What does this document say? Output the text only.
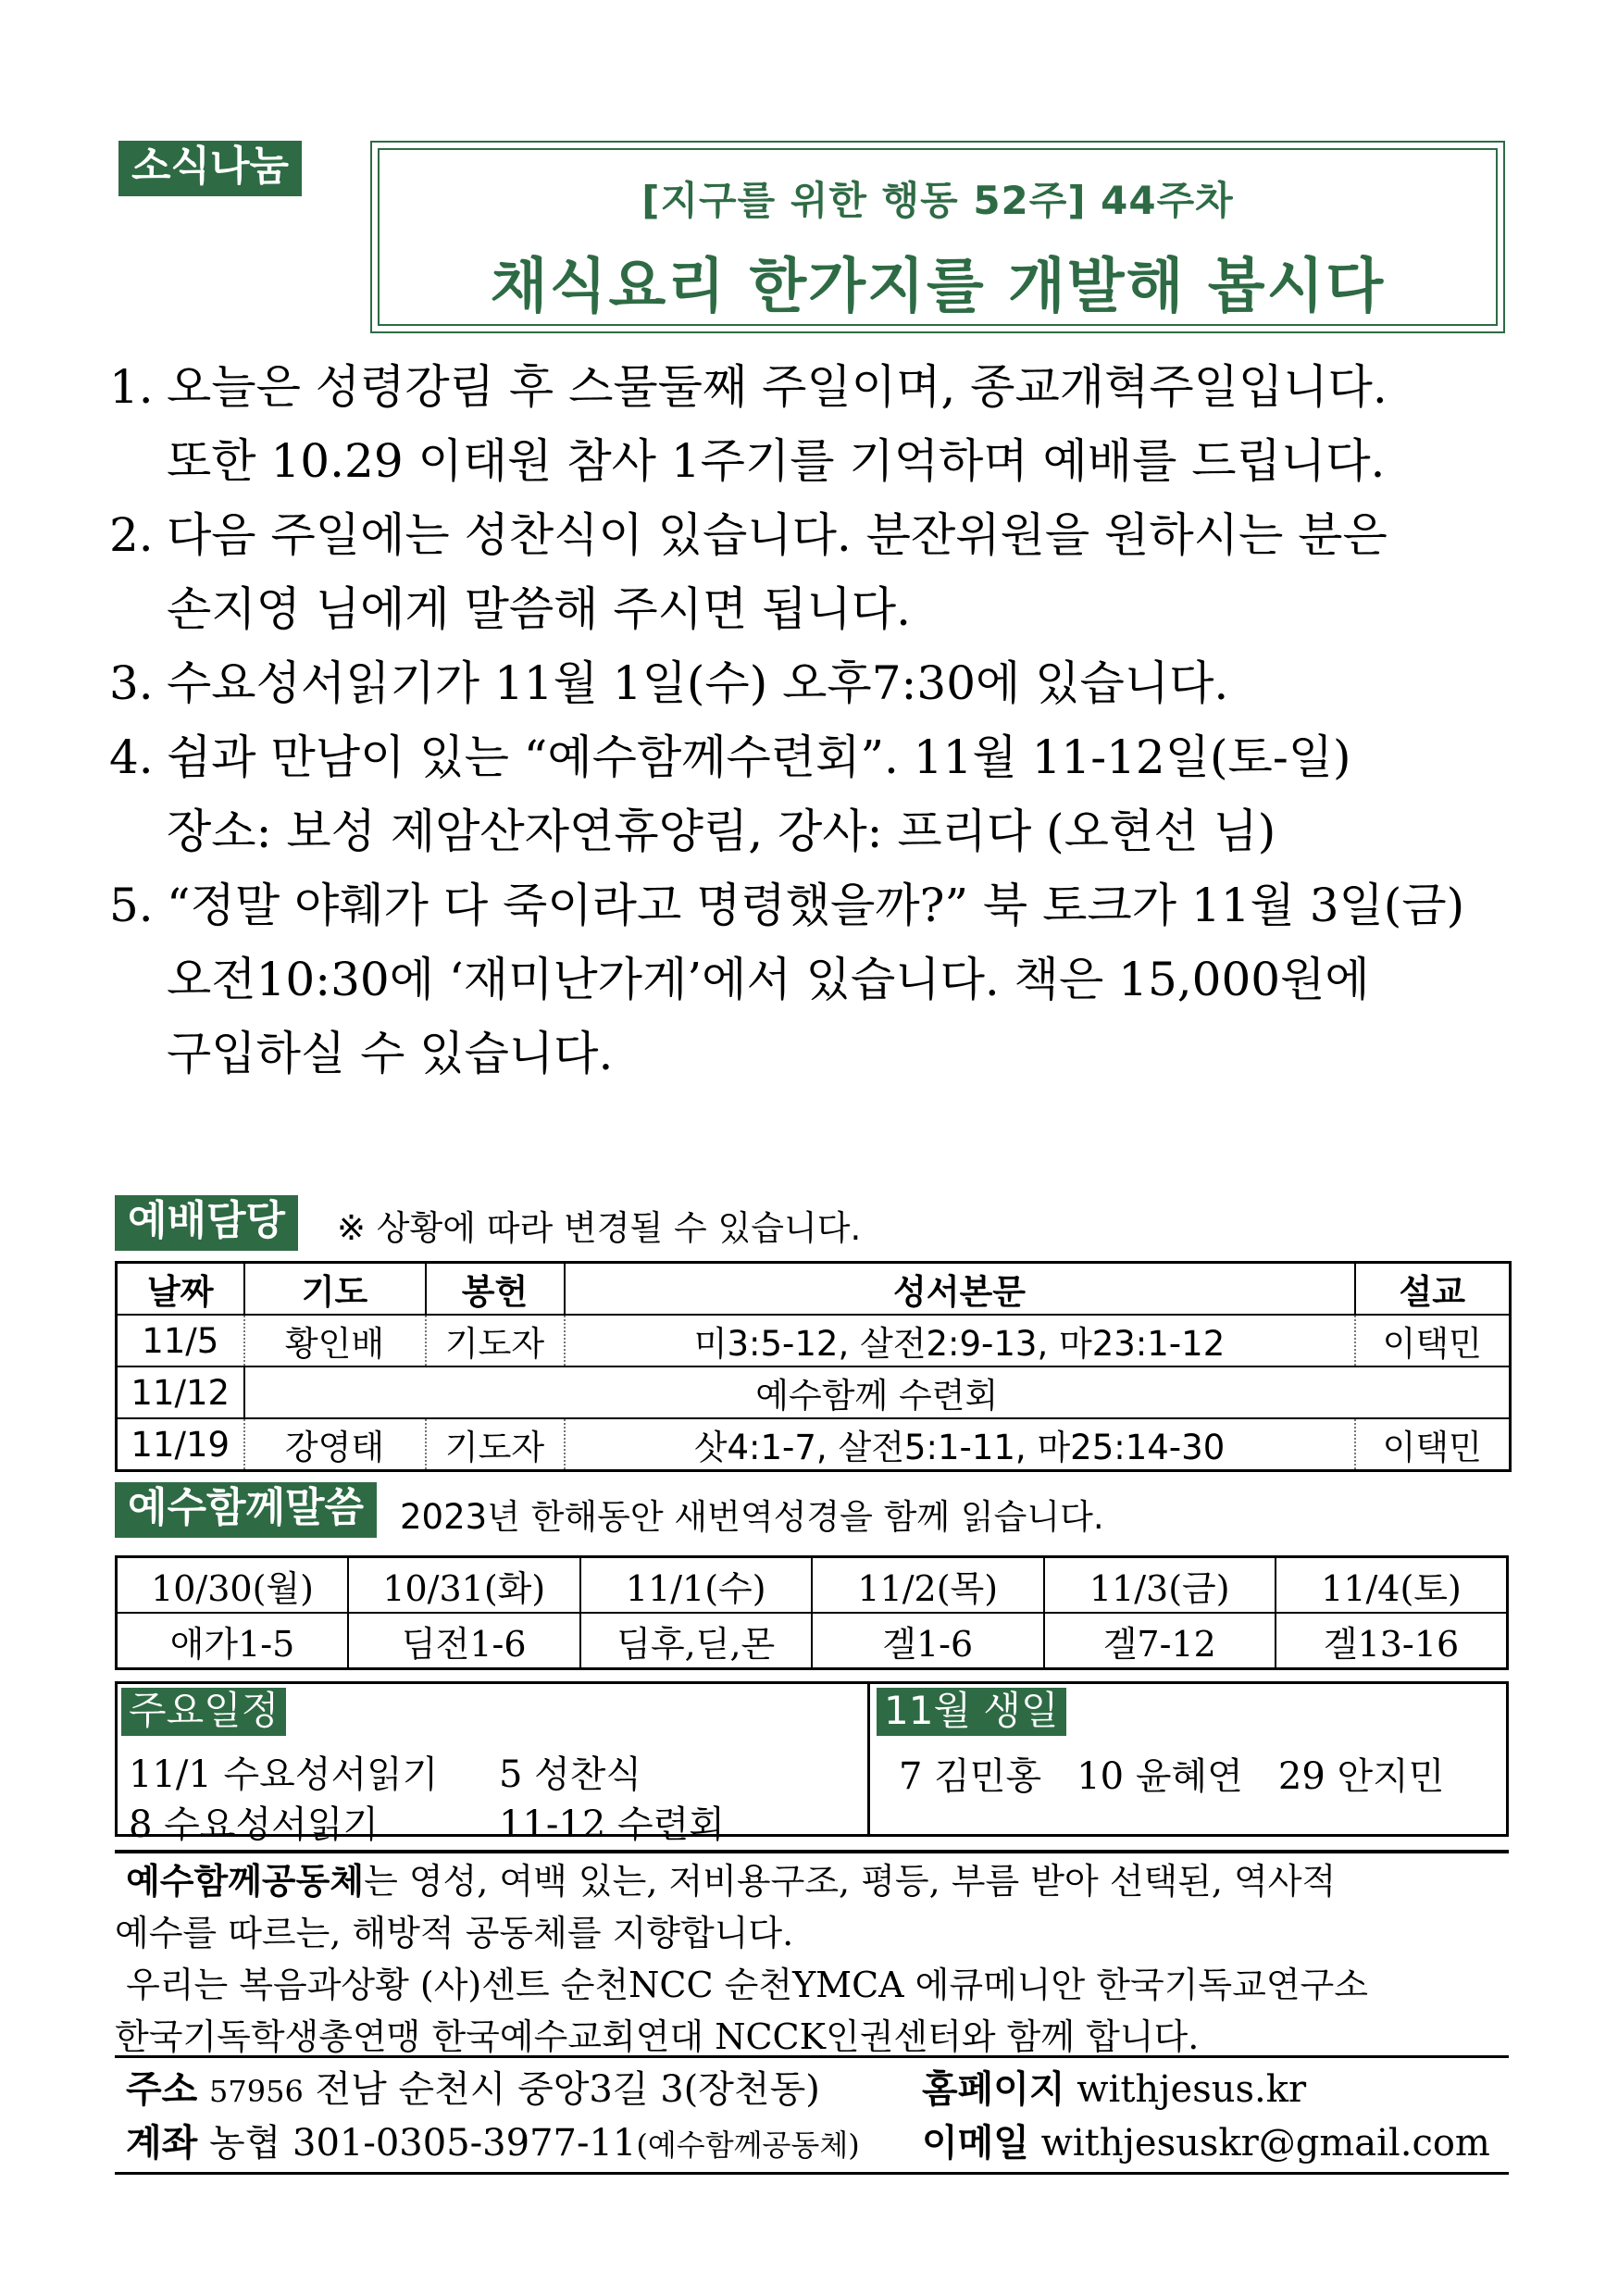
소식나눔
[지구를 위한 행동 52주] 44주차
채식요리 한가지를 개발해 봅시다
1. 오늘은 성령강림 후 스물둘째 주일이며, 종교개혁주일입니다.
또한 10.29 이태원 참사 1주기를 기억하며 예배를 드립니다.
2. 다음 주일에는 성찬식이 있습니다. 분잔위원을 원하시는 분은
손지영 님에게 말씀해 주시면 됩니다.
3. 수요성서읽기가 11월 1일(수) 오후7:30에 있습니다.
4. 쉼과 만남이 있는 “예수함께수련회”. 11월 11-12일(토-일)
장소: 보성 제암산자연휴양림, 강사: 프리다 (오현선 님)
5. “정말 야훼가 다 죽이라고 명령했을까?” 북 토크가 11월 3일(금)
오전10:30에 ‘재미난가게’에서 있습니다. 책은 15,000원에
구입하실 수 있습니다.
예배담당	※ 상황에 따라 변경될 수 있습니다.
날짜	기도	봉헌	성서본문	설교
11/5	황인배	기도자	미3:5-12, 살전2:9-13, 마23:1-12	이택민
11/12	예수함께 수련회			
11/19	강영태	기도자	삿4:1-7, 살전5:1-11, 마25:14-30	이택민
예수함께말씀	2023년 한해동안 새번역성경을 함께 읽습니다.
10/30(월)	10/31(화)	11/1(수)	11/2(목)	11/3(금)	11/4(토)
애가1-5	딤전1-6	딤후,딛,몬	겔1-6	겔7-12	겔13-16
주요일정	11월 생일
11/1 수요성서읽기 5 성찬식
8 수요성서읽기	11-12 수련회
7 김민홍   10 윤혜연   29 안지민
예수함께공동체는 영성, 여백 있는, 저비용구조, 평등, 부름 받아 선택된, 역사적
예수를 따르는, 해방적 공동체를 지향합니다.
우리는 복음과상황 (사)센트 순천NCC 순천YMCA 에큐메니안 한국기독교연구소
한국기독학생총연맹 한국예수교회연대 NCCK인권센터와 함께 합니다.
주소 57956 전남 순천시 중앙3길 3(장천동)	홈페이지 withjesus.kr
계좌 농협 301-0305-3977-11(예수함께공동체) 이메일 withjesuskr@gmail.com
